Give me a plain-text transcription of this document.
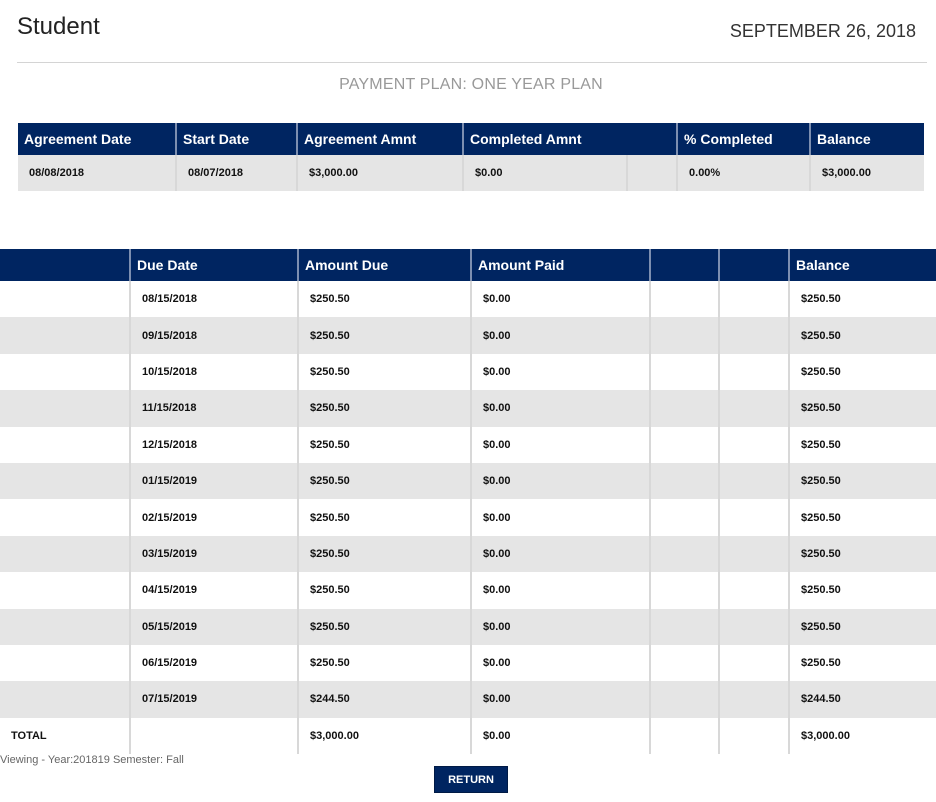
Student	SEPTEMBER 26, 2018
PAYMENT PLAN: ONE YEAR PLAN
Agreement Date	Start Date	Agreement Amnt	Completed Amnt		% Completed	Balance
08/08/2018	08/07/2018	$3,000.00	$0.00		0.00%	$3,000.00
	Due Date	Amount Due	Amount Paid			Balance
	08/15/2018	$250.50	$0.00			$250.50
	09/15/2018	$250.50	$0.00			$250.50
	10/15/2018	$250.50	$0.00			$250.50
	11/15/2018	$250.50	$0.00			$250.50
	12/15/2018	$250.50	$0.00			$250.50
	01/15/2019	$250.50	$0.00			$250.50
	02/15/2019	$250.50	$0.00			$250.50
	03/15/2019	$250.50	$0.00			$250.50
	04/15/2019	$250.50	$0.00			$250.50
	05/15/2019	$250.50	$0.00			$250.50
	06/15/2019	$250.50	$0.00			$250.50
	07/15/2019	$244.50	$0.00			$244.50
TOTAL		$3,000.00	$0.00			$3,000.00
Viewing - Year:201819 Semester: Fall
RETURN
